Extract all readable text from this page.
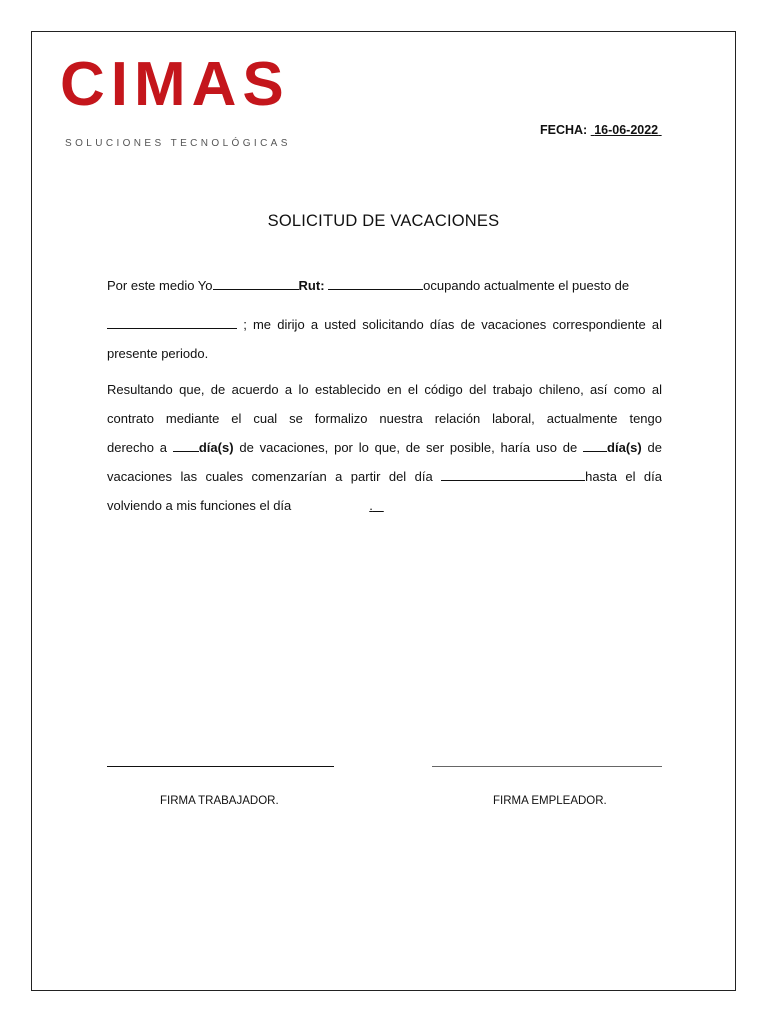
CIMAS
SOLUCIONES TECNOLÓGICAS
FECHA: 16-06-2022
SOLICITUD DE VACACIONES
Por este medio Yo	Rut:	ocupando actualmente el puesto de
; me dirijo a usted solicitando días de vacaciones correspondiente al
presente periodo.
Resultando que, de acuerdo a lo establecido en el código del trabajo chileno, así como al
contrato mediante el cual se formalizo nuestra relación laboral, actualmente tengo
derecho a día(s) de vacaciones, por lo que, de ser posible, haría uso de día(s) de
vacaciones las cuales comenzarían a partir del día	hasta el día
volviendo a mis funciones el día	.
FIRMA TRABAJADOR.	FIRMA EMPLEADOR.
